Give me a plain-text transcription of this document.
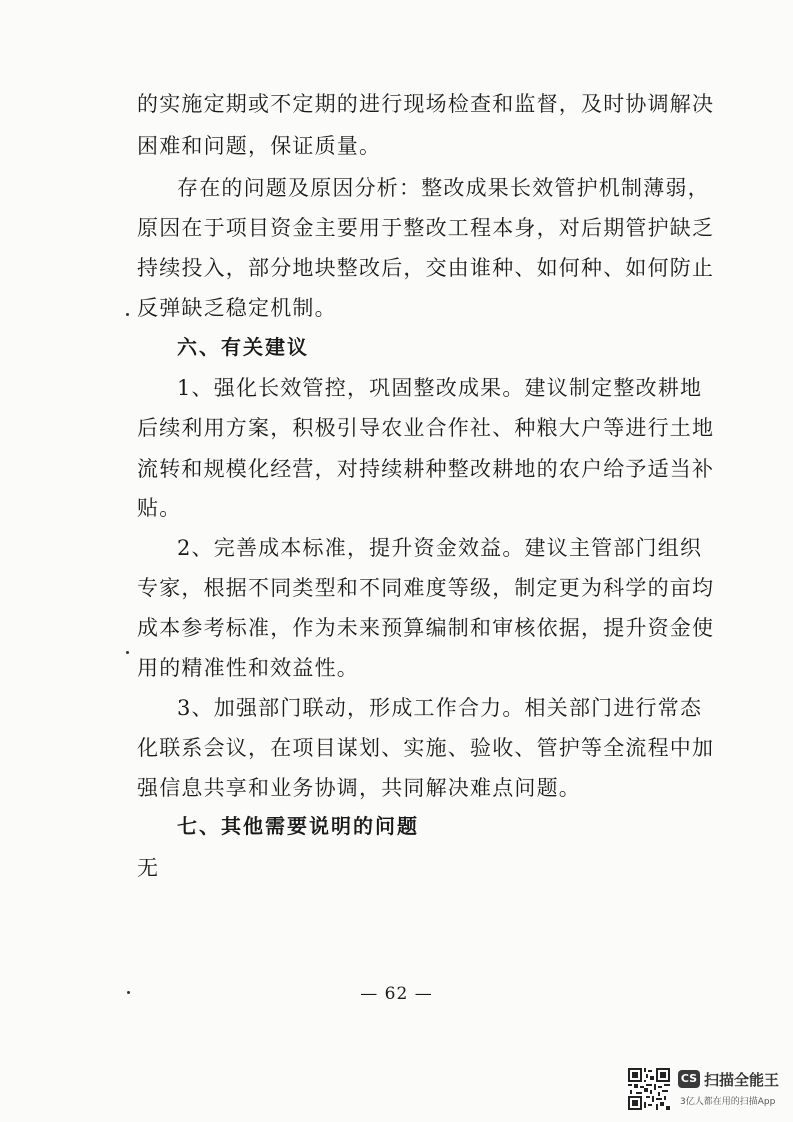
的实施定期或不定期的进行现场检查和监督，及时协调解决
困难和问题，保证质量。
存在的问题及原因分析：整改成果长效管护机制薄弱，
原因在于项目资金主要用于整改工程本身，对后期管护缺乏
持续投入，部分地块整改后，交由谁种、如何种、如何防止
反弹缺乏稳定机制。
六、有关建议
1、强化长效管控，巩固整改成果。建议制定整改耕地
后续利用方案，积极引导农业合作社、种粮大户等进行土地
流转和规模化经营，对持续耕种整改耕地的农户给予适当补
贴。
2、完善成本标准，提升资金效益。建议主管部门组织
专家，根据不同类型和不同难度等级，制定更为科学的亩均
成本参考标准，作为未来预算编制和审核依据，提升资金使
用的精准性和效益性。
3、加强部门联动，形成工作合力。相关部门进行常态
化联系会议，在项目谋划、实施、验收、管护等全流程中加
强信息共享和业务协调，共同解决难点问题。
七、其他需要说明的问题
无
— 62 —
CS 扫描全能王
3亿人都在用的扫描App
